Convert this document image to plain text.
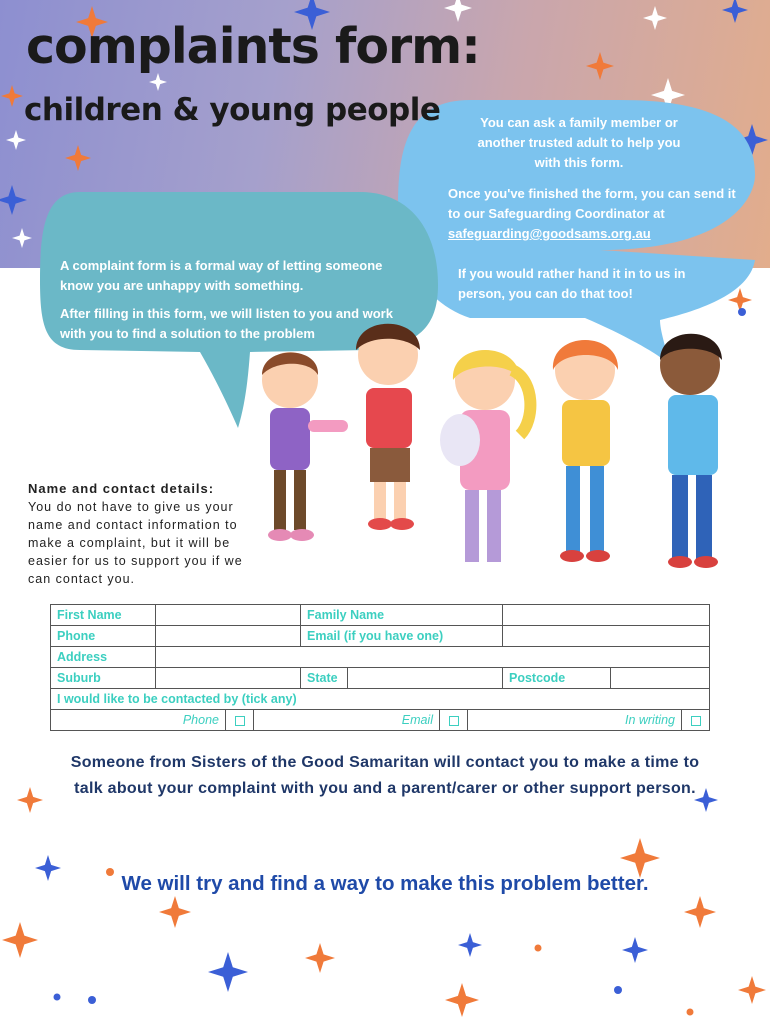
complaints form:
children & young people	You can ask a family member or another trusted adult to help you with this form.

Once you've finished the form, you can send it to our Safeguarding Coordinator at safeguarding@goodsams.org.au

If you would rather hand it in to us in person, you can do that too!

A complaint form is a formal way of letting someone know you are unhappy with something.

After filling in this form, we will listen to you and work with you to find a solution to the problem

Name and contact details:
You do not have to give us your name and contact information to make a complaint, but it will be easier for us to support you if we can contact you.
First Name		Family Name			
Phone		Email (if you have one)			
Address					
Suburb		State		Postcode	
I would like to be contacted by (tick any)					
Phone		Email		In writing	
Someone from Sisters of the Good Samaritan will contact you to make a time to talk about your complaint with you and a parent/carer or other support person.
We will try and find a way to make this problem better.
